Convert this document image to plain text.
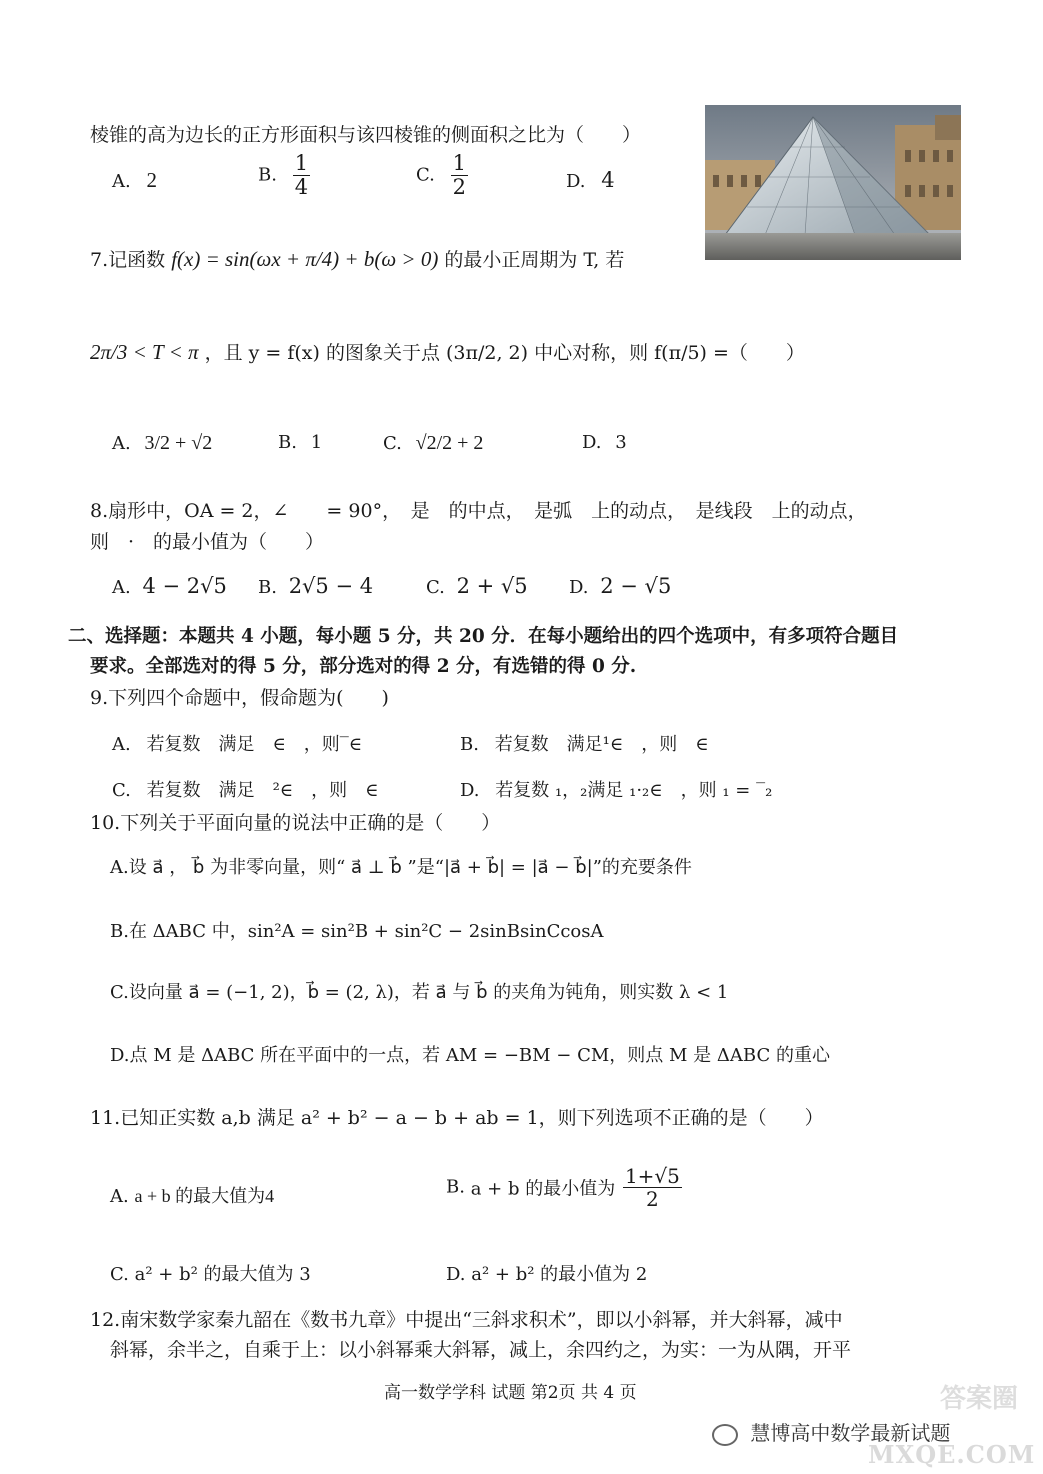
棱锥的高为边长的正方形面积与该四棱锥的侧面积之比为（　　）
A. 2	B. $\frac{1}{4}$	C. $\frac{1}{2}$	D. 4
7.记函数 f(x) = sin(ωx + π/4) + b(ω > 0) 的最小正周期为 T, 若
2π/3 < T < π ，且 y = f(x) 的图象关于点 (3π/2, 2) 中心对称，则 f(π/5) =（　　）
A. 3/2 + √2	B. 1	C. √2/2 + 2	D. 3
8.扇形中，OA = 2，∠　　= 90°，　是　的中点，　是弧　上的动点，　是线段　上的动点，
则　·　的最小值为（　　）
A. 4 − 2√5 B. 2√5 − 4	C. 2 + √5 D. 2 − √5
二、选择题：本题共 4 小题，每小题 5 分，共 20 分．在每小题给出的四个选项中，有多项符合题目
要求。全部选对的得 5 分，部分选对的得 2 分，有选错的得 0 分.
9.下列四个命题中，假命题为(　　)
A. 若复数　满足　∈　，则‾∈	B. 若复数　满足¹∈　，则　∈
C. 若复数　满足　²∈　，则　∈	D. 若复数 ₁，₂满足 ₁·₂∈　，则 ₁ = ‾₂
10.下列关于平面向量的说法中正确的是（　　）
A.设 a⃗ ， b⃗ 为非零向量，则“ a⃗ ⊥ b⃗ ”是“|a⃗ + b⃗| = |a⃗ − b⃗|”的充要条件
B.在 ΔABC 中，sin²A = sin²B + sin²C − 2sinBsinCcosA
C.设向量 a⃗ = (−1, 2)，b⃗ = (2, λ)，若 a⃗ 与 b⃗ 的夹角为钝角，则实数 λ < 1
D.点 M 是 ΔABC 所在平面中的一点，若 AM = −BM − CM，则点 M 是 ΔABC 的重心
11.已知正实数 a,b 满足 a² + b² − a − b + ab = 1，则下列选项不正确的是（　　）
A. a + b 的最大值为4	B. a + b 的最小值为 $\frac{1+√5}{2}$
C. a² + b² 的最大值为 3	D. a² + b² 的最小值为 2
12.南宋数学家秦九韶在《数书九章》中提出“三斜求积术”，即以小斜幂，并大斜幂，减中
斜幂，余半之，自乘于上：以小斜幂乘大斜幂，减上，余四约之，为实：一为从隅，开平
高一数学学科 试题 第2页 共 4 页	答案圈
慧博高中数学最新试题
MXQE.COM
